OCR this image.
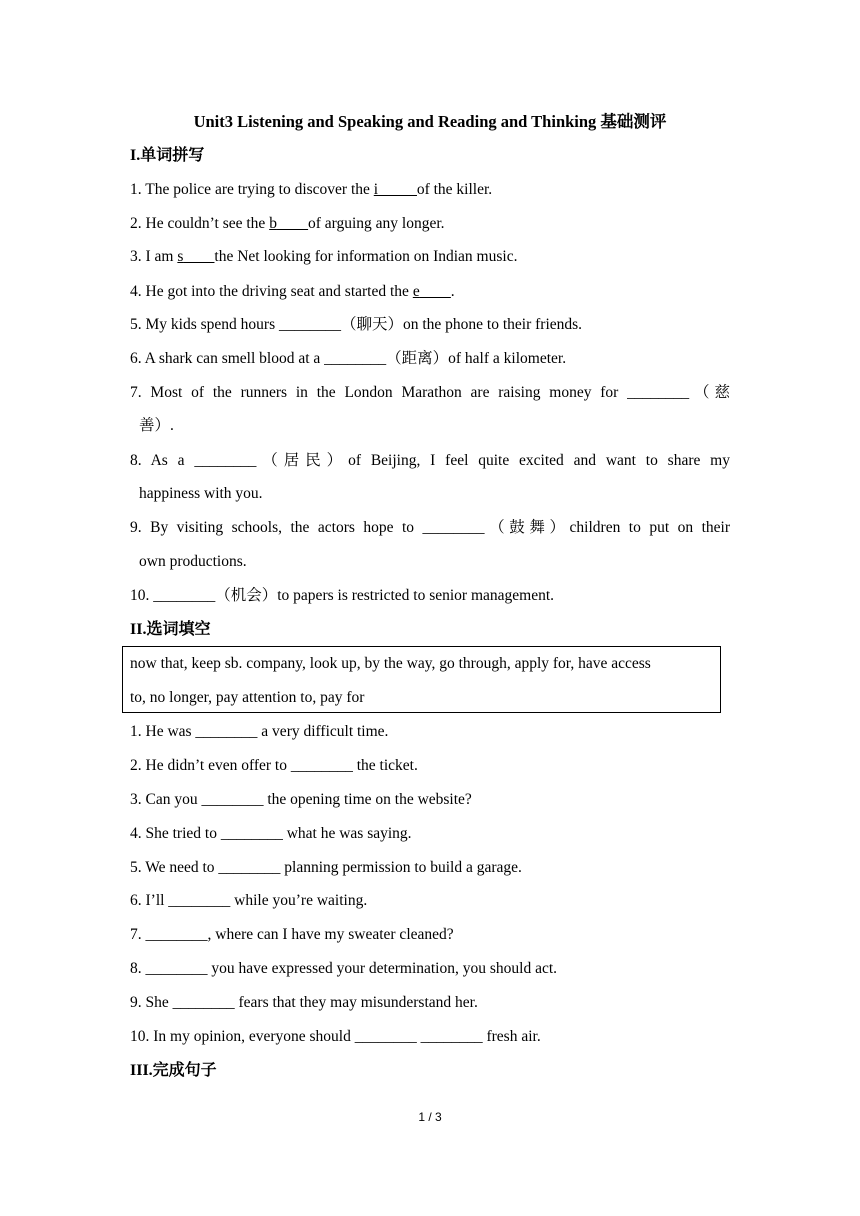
Unit3 Listening and Speaking and Reading and Thinking 基础测评
I.单词拼写
1. The police are trying to discover the i_____of the killer.
2. He couldn’t see the b____of arguing any longer.
3. I am s____the Net looking for information on Indian music.
4. He got into the driving seat and started the e____.
5. My kids spend hours ________（聊天）on the phone to their friends.
6. A shark can smell blood at a ________（距离）of half a kilometer.
7. Most of the runners in the London Marathon are raising money for ________（慈
善）.
8. As a ________（居民）of Beijing, I feel quite excited and want to share my
happiness with you.
9. By visiting schools, the actors hope to ________（鼓舞）children to put on their
own productions.
10. ________（机会）to papers is restricted to senior management.
II.选词填空
now that, keep sb. company, look up, by the way, go through, apply for, have access
to, no longer, pay attention to, pay for
1. He was ________ a very difficult time.
2. He didn’t even offer to ________ the ticket.
3. Can you ________ the opening time on the website?
4. She tried to ________ what he was saying.
5. We need to ________ planning permission to build a garage.
6. I’ll ________ while you’re waiting.
7. ________, where can I have my sweater cleaned?
8. ________ you have expressed your determination, you should act.
9. She ________ fears that they may misunderstand her.
10. In my opinion, everyone should ________ ________ fresh air.
III.完成句子
1 / 3
